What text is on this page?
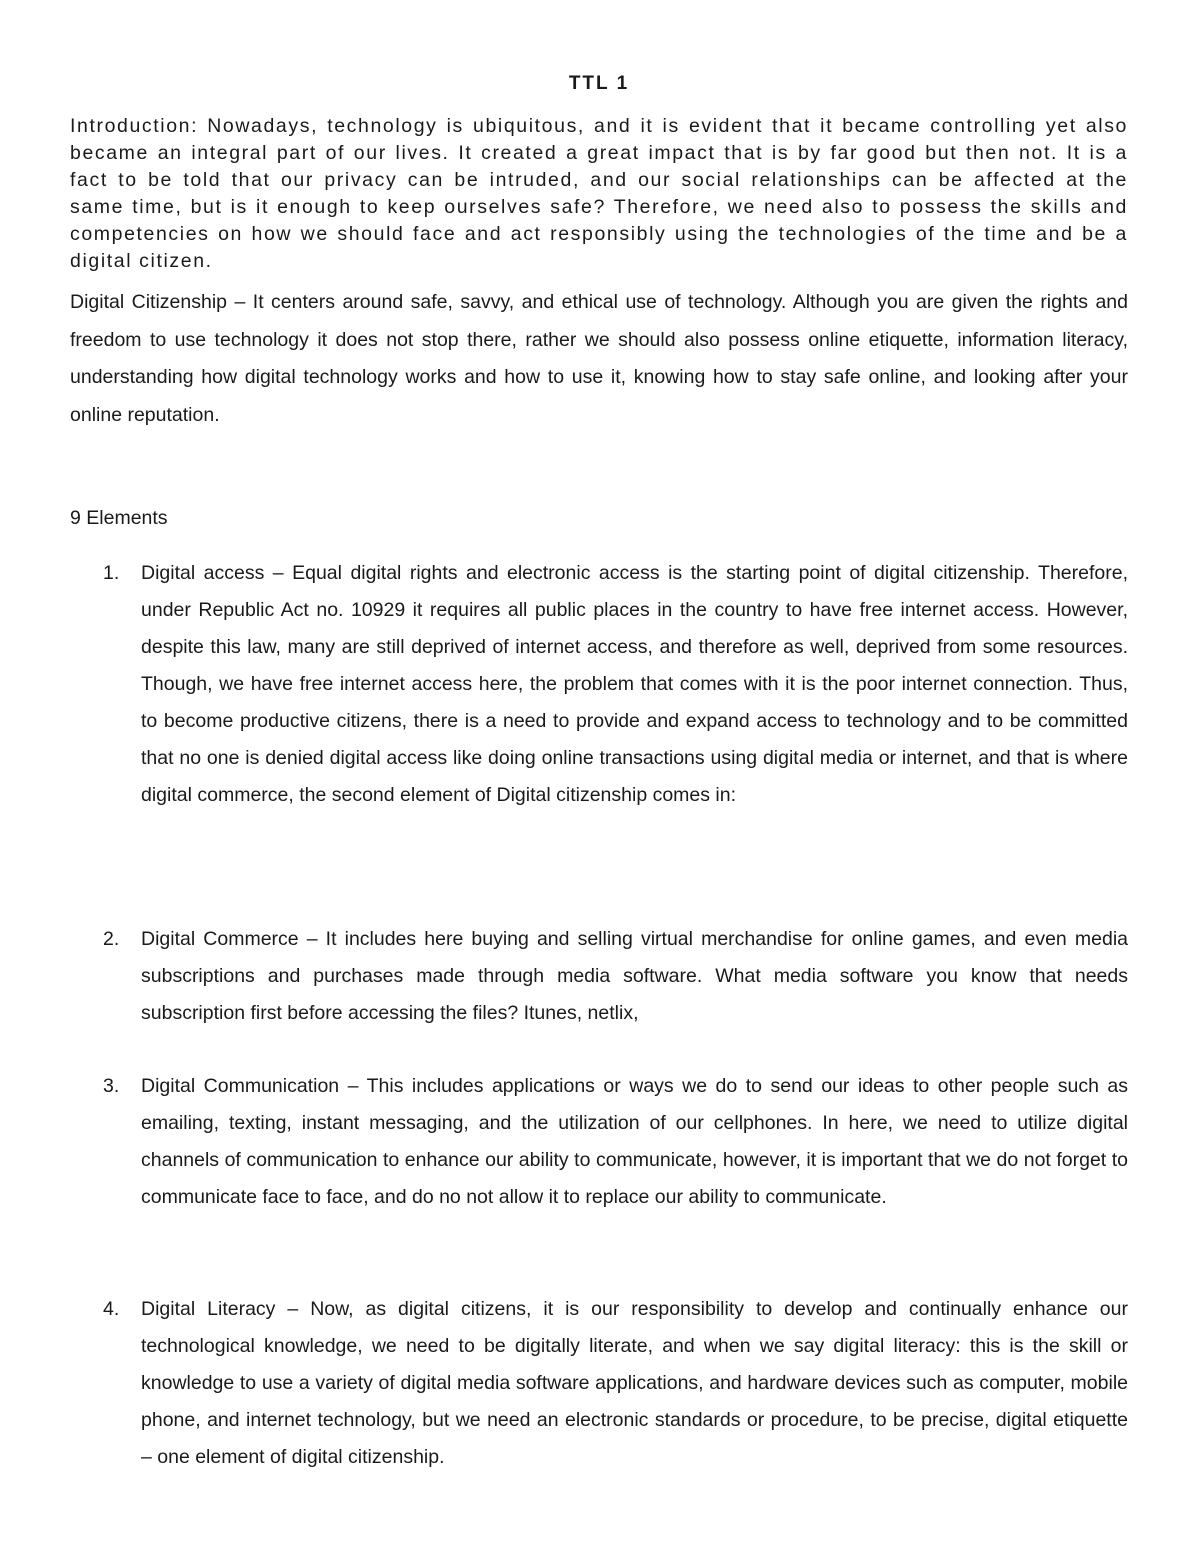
TTL 1

Introduction: Nowadays, technology is ubiquitous, and it is evident that it became controlling yet also became an integral part of our lives. It created a great impact that is by far good but then not. It is a fact to be told that our privacy can be intruded, and our social relationships can be affected at the same time, but is it enough to keep ourselves safe? Therefore, we need also to possess the skills and competencies on how we should face and act responsibly using the technologies of the time and be a digital citizen.

Digital Citizenship – It centers around safe, savvy, and ethical use of technology. Although you are given the rights and freedom to use technology it does not stop there, rather we should also possess online etiquette, information literacy, understanding how digital technology works and how to use it, knowing how to stay safe online, and looking after your online reputation.

9 Elements

1. Digital access – Equal digital rights and electronic access is the starting point of digital citizenship. Therefore, under Republic Act no. 10929 it requires all public places in the country to have free internet access. However, despite this law, many are still deprived of internet access, and therefore as well, deprived from some resources. Though, we have free internet access here, the problem that comes with it is the poor internet connection. Thus, to become productive citizens, there is a need to provide and expand access to technology and to be committed that no one is denied digital access like doing online transactions using digital media or internet, and that is where digital commerce, the second element of Digital citizenship comes in:

2. Digital Commerce – It includes here buying and selling virtual merchandise for online games, and even media subscriptions and purchases made through media software. What media software you know that needs subscription first before accessing the files? Itunes, netlix,

3. Digital Communication – This includes applications or ways we do to send our ideas to other people such as emailing, texting, instant messaging, and the utilization of our cellphones. In here, we need to utilize digital channels of communication to enhance our ability to communicate, however, it is important that we do not forget to communicate face to face, and do no not allow it to replace our ability to communicate.

4. Digital Literacy – Now, as digital citizens, it is our responsibility to develop and continually enhance our technological knowledge, we need to be digitally literate, and when we say digital literacy: this is the skill or knowledge to use a variety of digital media software applications, and hardware devices such as computer, mobile phone, and internet technology, but we need an electronic standards or procedure, to be precise, digital etiquette – one element of digital citizenship.
